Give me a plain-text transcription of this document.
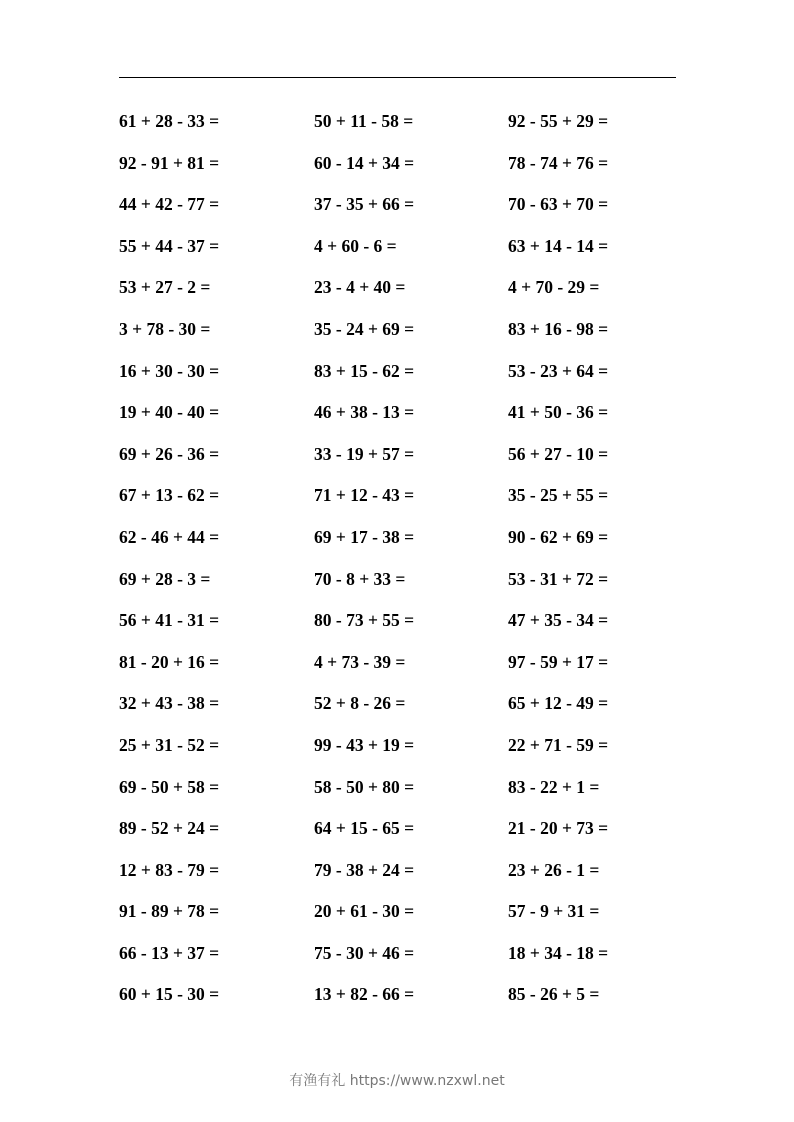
61 + 28 - 33 =	50 + 11 - 58 =	92 - 55 + 29 =
92 - 91 + 81 =	60 - 14 + 34 =	78 - 74 + 76 =
44 + 42 - 77 =	37 - 35 + 66 =	70 - 63 + 70 =
55 + 44 - 37 =	4 + 60 - 6 =	63 + 14 - 14 =
53 + 27 - 2 =	23 - 4 + 40 =	4 + 70 - 29 =
3 + 78 - 30 =	35 - 24 + 69 =	83 + 16 - 98 =
16 + 30 - 30 =	83 + 15 - 62 =	53 - 23 + 64 =
19 + 40 - 40 =	46 + 38 - 13 =	41 + 50 - 36 =
69 + 26 - 36 =	33 - 19 + 57 =	56 + 27 - 10 =
67 + 13 - 62 =	71 + 12 - 43 =	35 - 25 + 55 =
62 - 46 + 44 =	69 + 17 - 38 =	90 - 62 + 69 =
69 + 28 - 3 =	70 - 8 + 33 =	53 - 31 + 72 =
56 + 41 - 31 =	80 - 73 + 55 =	47 + 35 - 34 =
81 - 20 + 16 =	4 + 73 - 39 =	97 - 59 + 17 =
32 + 43 - 38 =	52 + 8 - 26 =	65 + 12 - 49 =
25 + 31 - 52 =	99 - 43 + 19 =	22 + 71 - 59 =
69 - 50 + 58 =	58 - 50 + 80 =	83 - 22 + 1 =
89 - 52 + 24 =	64 + 15 - 65 =	21 - 20 + 73 =
12 + 83 - 79 =	79 - 38 + 24 =	23 + 26 - 1 =
91 - 89 + 78 =	20 + 61 - 30 =	57 - 9 + 31 =
66 - 13 + 37 =	75 - 30 + 46 =	18 + 34 - 18 =
60 + 15 - 30 =	13 + 82 - 66 =	85 - 26 + 5 =
有渔有礼 https://www.nzxwl.net
